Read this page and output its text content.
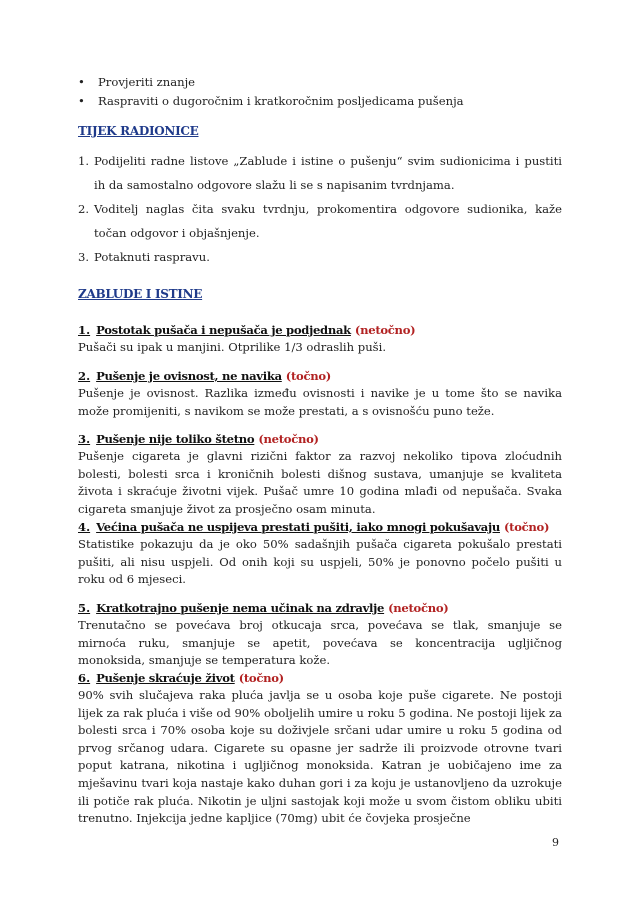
• Provjeriti znanje
• Raspraviti o dugoročnim i kratkoročnim posljedicama pušenja
TIJEK RADIONICE
1. Podijeliti radne listove „Zablude i istine o pušenju“ svim sudionicima i pustiti ih da samostalno odgovore slažu li se s napisanim tvrdnjama.
2. Voditelj naglas čita svaku tvrdnju, prokomentira odgovore sudionika, kaže točan odgovor i objašnjenje.
3. Potaknuti raspravu.
ZABLUDE I ISTINE
1. Postotak pušača i nepušača je podjednak (netočno)

Pušači su ipak u manjini. Otprilike 1/3 odraslih puši.

2. Pušenje je ovisnost, ne navika (točno)

Pušenje je ovisnost. Razlika između ovisnosti i navike je u tome što se navika može promijeniti, s navikom se može prestati, a s ovisnošću puno teže.

3. Pušenje nije toliko štetno (netočno)

Pušenje cigareta je glavni rizični faktor za razvoj nekoliko tipova zloćudnih bolesti, bolesti srca i kroničnih bolesti dišnog sustava, umanjuje se kvaliteta života i skraćuje životni vijek. Pušač umre 10 godina mlađi od nepušača. Svaka cigareta smanjuje život za prosječno osam minuta.

4. Većina pušača ne uspijeva prestati pušiti, iako mnogi pokušavaju (točno)

Statistike pokazuju da je oko 50% sadašnjih pušača cigareta pokušalo prestati pušiti, ali nisu uspjeli. Od onih koji su uspjeli, 50% je ponovno počelo pušiti u roku od 6 mjeseci.

5. Kratkotrajno pušenje nema učinak na zdravlje (netočno)

Trenutačno se povećava broj otkucaja srca, povećava se tlak, smanjuje se mirnoća ruku, smanjuje se apetit, povećava se koncentracija ugljičnog monoksida, smanjuje se temperatura kože.

6. Pušenje skraćuje život (točno)

90% svih slučajeva raka pluća javlja se u osoba koje puše cigarete. Ne postoji lijek za rak pluća i više od 90% oboljelih umire u roku 5 godina. Ne postoji lijek za bolesti srca i 70% osoba koje su doživjele srčani udar umire u roku 5 godina od prvog srčanog udara. Cigarete su opasne jer sadrže ili proizvode otrovne tvari poput katrana, nikotina i ugljičnog monoksida. Katran je uobičajeno ime za mješavinu tvari koja nastaje kako duhan gori i za koju je ustanovljeno da uzrokuje ili potiče rak pluća. Nikotin je uljni sastojak koji može u svom čistom obliku ubiti trenutno. Injekcija jedne kapljice (70mg) ubit će čovjeka prosječne

9
